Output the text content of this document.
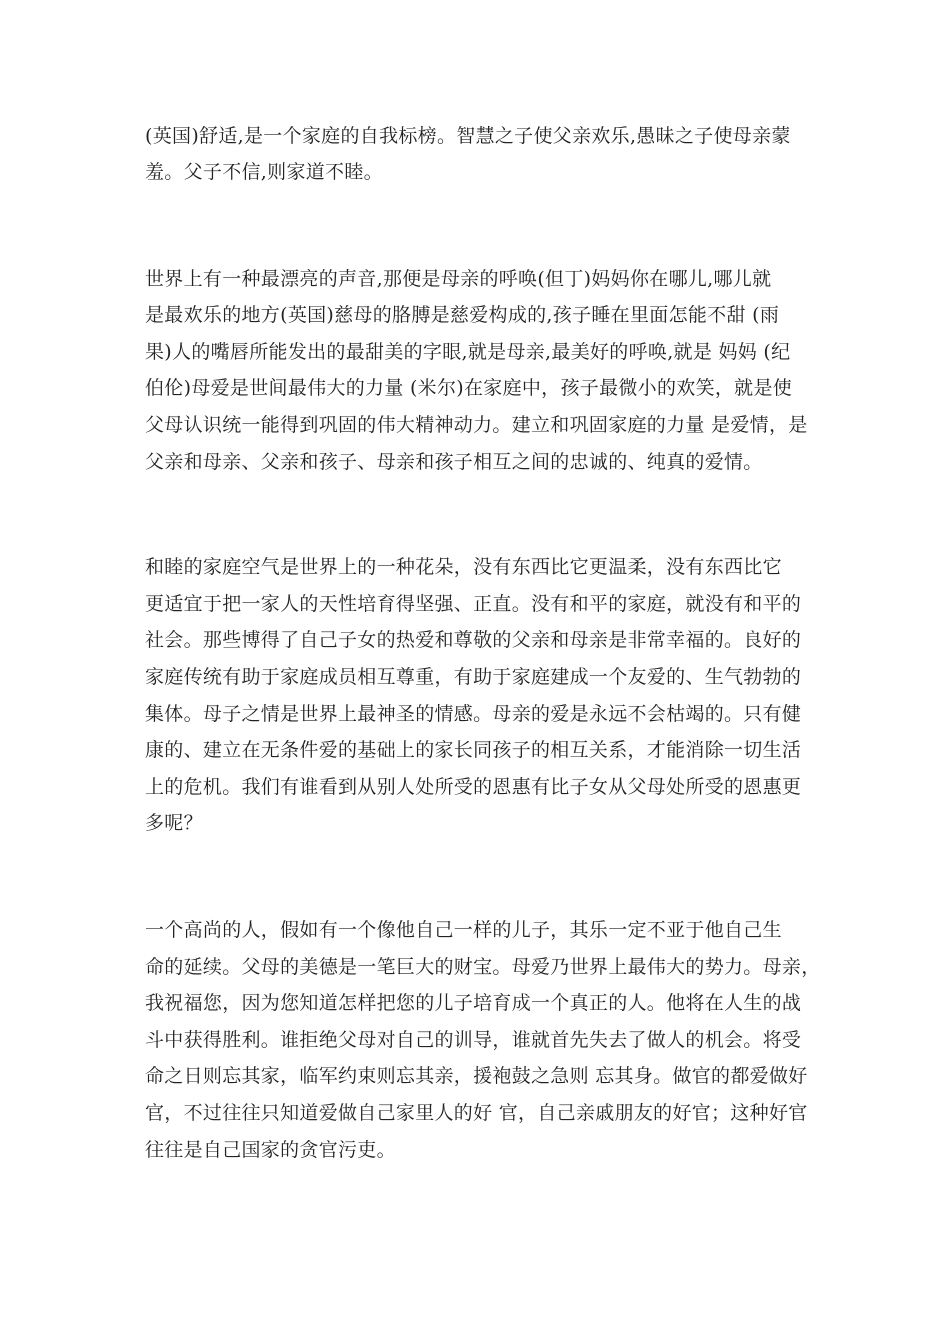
(英国)舒适,是一个家庭的自我标榜。智慧之子使父亲欢乐,愚昧之子使母亲蒙
羞。父子不信,则家道不睦。
世界上有一种最漂亮的声音,那便是母亲的呼唤(但丁)妈妈你在哪儿,哪儿就
是最欢乐的地方(英国)慈母的胳膊是慈爱构成的,孩子睡在里面怎能不甜 (雨
果)人的嘴唇所能发出的最甜美的字眼,就是母亲,最美好的呼唤,就是 妈妈 (纪
伯伦)母爱是世间最伟大的力量 (米尔)在家庭中，孩子最微小的欢笑，就是使
父母认识统一能得到巩固的伟大精神动力。建立和巩固家庭的力量 是爱情，是
父亲和母亲、父亲和孩子、母亲和孩子相互之间的忠诚的、纯真的爱情。
和睦的家庭空气是世界上的一种花朵，没有东西比它更温柔，没有东西比它
更适宜于把一家人的天性培育得坚强、正直。没有和平的家庭，就没有和平的
社会。那些博得了自己子女的热爱和尊敬的父亲和母亲是非常幸福的。良好的
家庭传统有助于家庭成员相互尊重，有助于家庭建成一个友爱的、生气勃勃的
集体。母子之情是世界上最神圣的情感。母亲的爱是永远不会枯竭的。只有健
康的、建立在无条件爱的基础上的家长同孩子的相互关系，才能消除一切生活
上的危机。我们有谁看到从别人处所受的恩惠有比子女从父母处所受的恩惠更
多呢？
一个高尚的人，假如有一个像他自己一样的儿子，其乐一定不亚于他自己生
命的延续。父母的美德是一笔巨大的财宝。母爱乃世界上最伟大的势力。母亲，
我祝福您，因为您知道怎样把您的儿子培育成一个真正的人。他将在人生的战
斗中获得胜利。谁拒绝父母对自己的训导，谁就首先失去了做人的机会。将受
命之日则忘其家，临军约束则忘其亲，援袍鼓之急则 忘其身。做官的都爱做好
官，不过往往只知道爱做自己家里人的好 官，自己亲戚朋友的好官；这种好官
往往是自己国家的贪官污吏。
